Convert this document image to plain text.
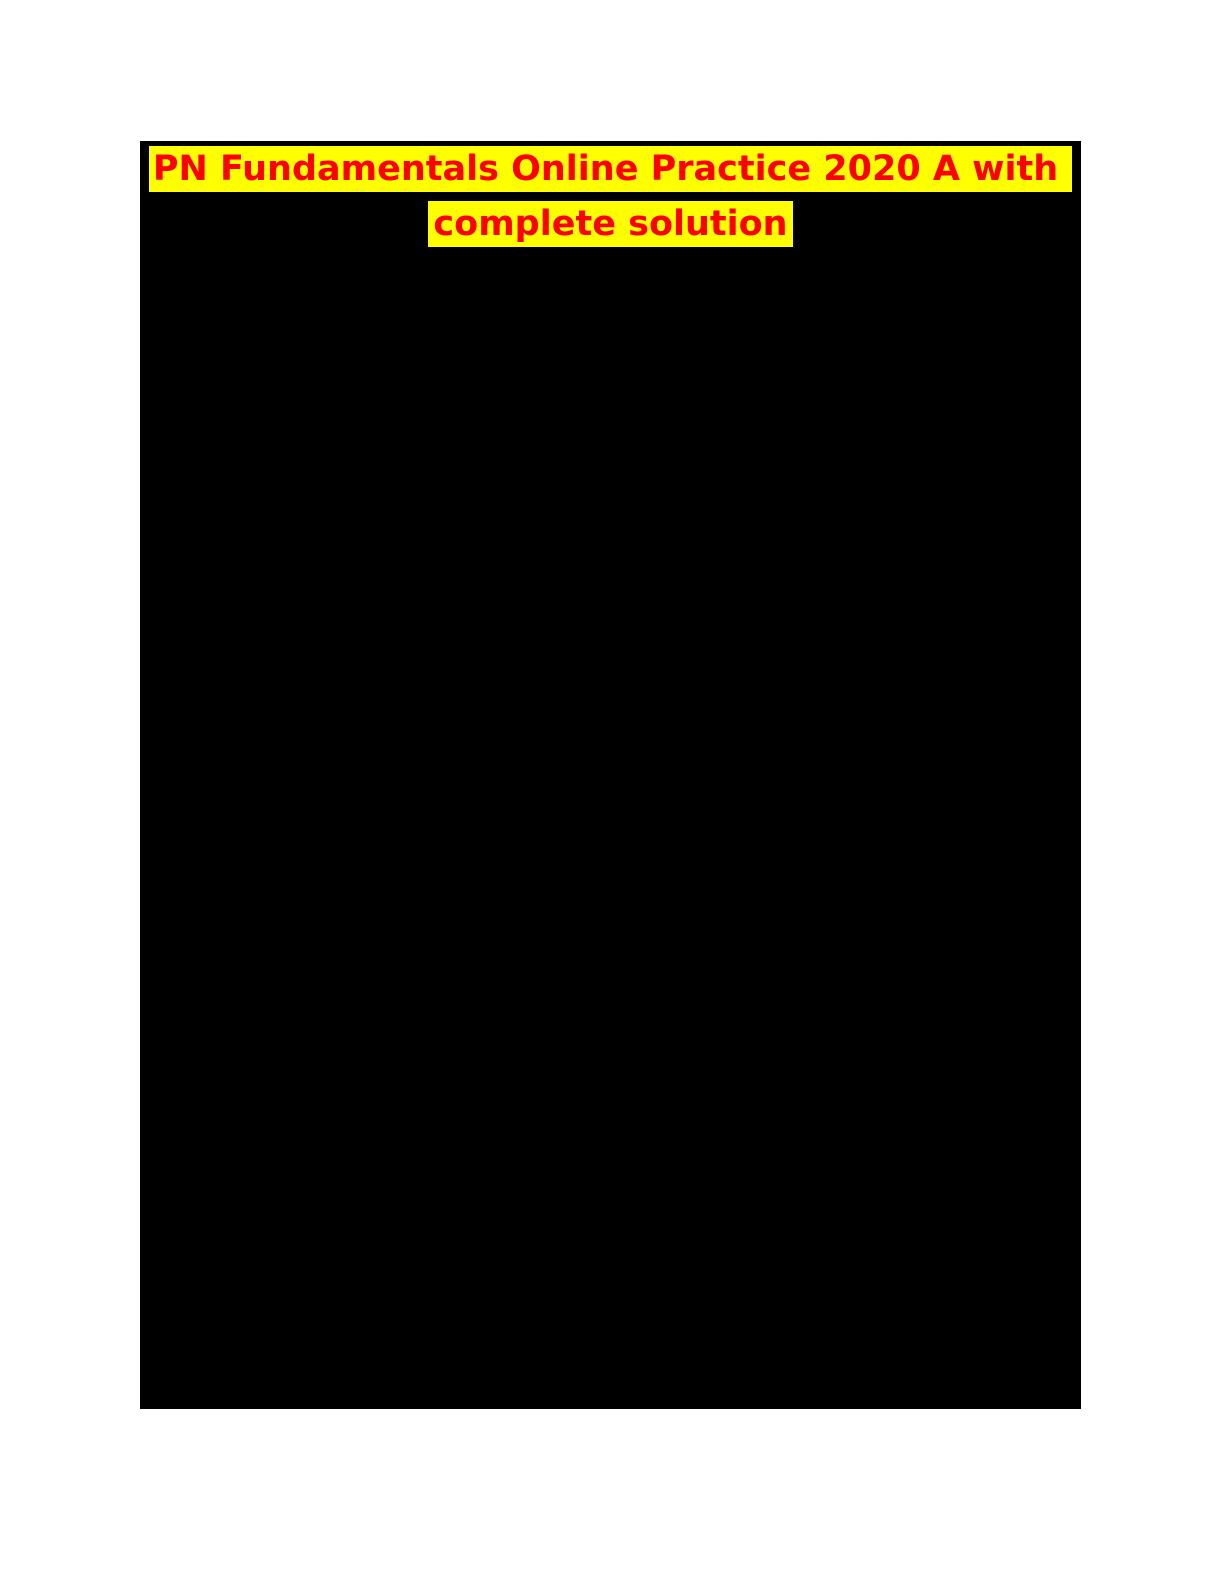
PN Fundamentals Online Practice 2020 A with
complete solution
